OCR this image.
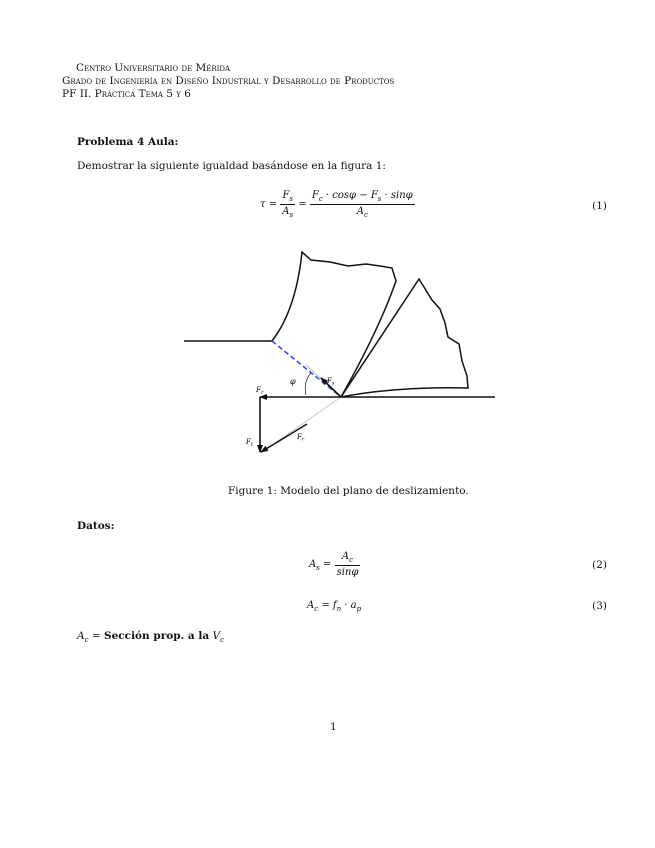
Centro Universitario de Mérida
Grado de Ingeniería en Diseño Industrial y Desarrollo de Productos
PF II. Práctica Tema 5 y 6
Problema 4 Aula:
Demostrar la siguiente igualdad basándose en la figura 1:
$\tau = \frac{F_s}{A_s} = \frac{F_c \cdot \cos\varphi - F_s \cdot \sin\varphi}{A_c}$	(1)
$F_c$
$F_s$
φ
$F_r$
$F_t$
Figure 1: Modelo del plano de deslizamiento.
Datos:
$A_s = \frac{A_c}{\sin\varphi}$	(2)
$A_c = f_n \cdot a_p$	(3)
$A_c$ = Sección prop. a la $V_c$
1
